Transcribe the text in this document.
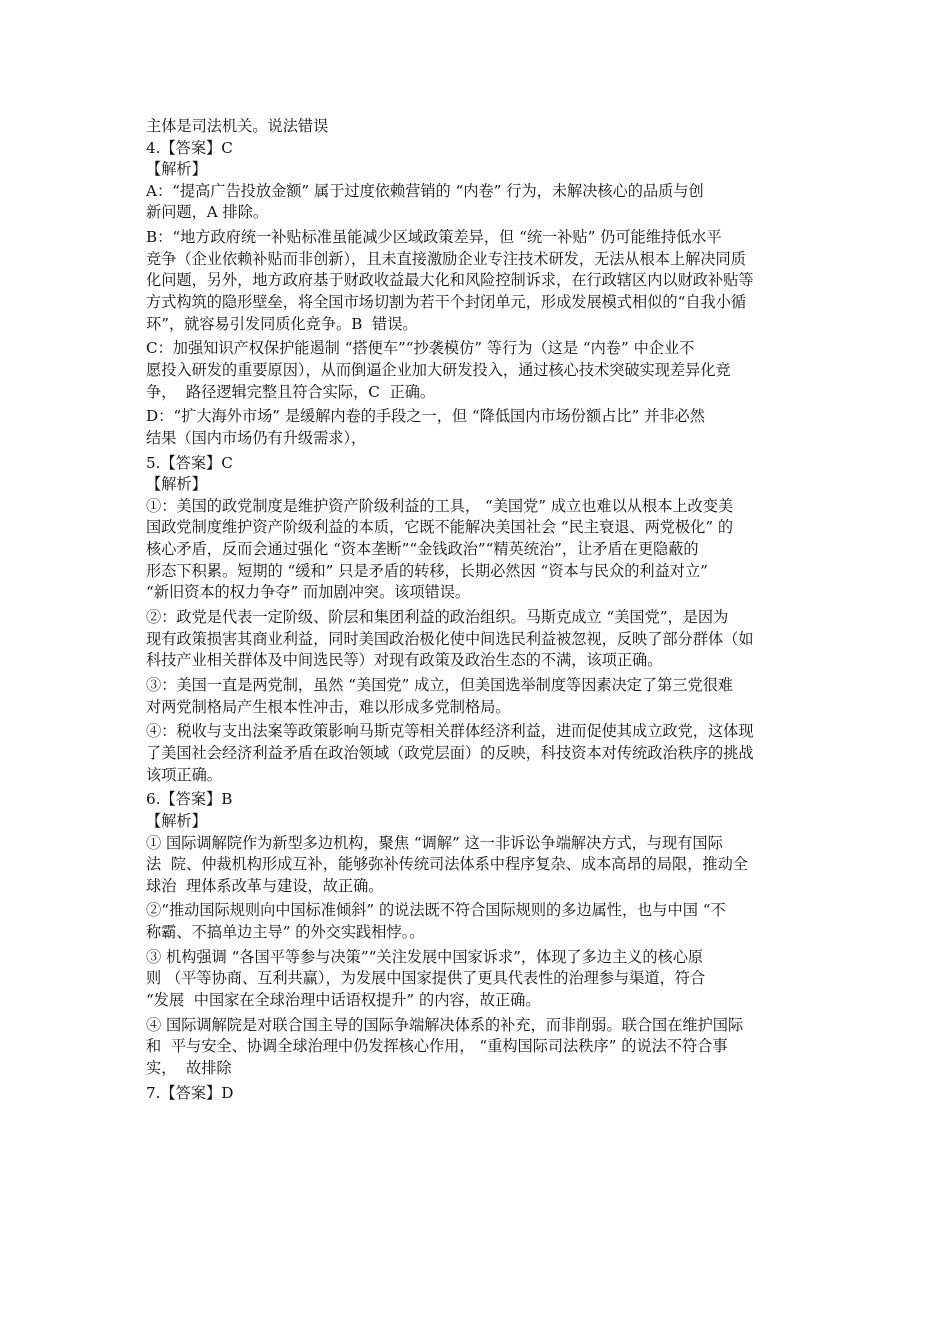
主体是司法机关。说法错误
4.【答案】C
【解析】
A：“提高广告投放金额” 属于过度依赖营销的 “内卷” 行为，未解决核心的品质与创
新问题，A 排除。
B：“地方政府统一补贴标准虽能减少区域政策差异，但 “统一补贴” 仍可能维持低水平
竞争（企业依赖补贴而非创新），且未直接激励企业专注技术研发，无法从根本上解决同质
化问题，另外，地方政府基于财政收益最大化和风险控制诉求，在行政辖区内以财政补贴等
方式构筑的隐形壁垒，将全国市场切割为若干个封闭单元，形成发展模式相似的“自我小循
环”，就容易引发同质化竞争。B  错误。
C：加强知识产权保护能遏制 “搭便车”“抄袭模仿” 等行为（这是 “内卷” 中企业不
愿投入研发的重要原因），从而倒逼企业加大研发投入，通过核心技术突破实现差异化竞
争，  路径逻辑完整且符合实际，C  正确。
D：“扩大海外市场” 是缓解内卷的手段之一，但 “降低国内市场份额占比” 并非必然
结果（国内市场仍有升级需求），
5.【答案】C
【解析】
①：美国的政党制度是维护资产阶级利益的工具， “美国党” 成立也难以从根本上改变美
国政党制度维护资产阶级利益的本质，它既不能解决美国社会 “民主衰退、两党极化” 的
核心矛盾，反而会通过强化 “资本垄断”“金钱政治”“精英统治”，让矛盾在更隐蔽的
形态下积累。短期的 “缓和” 只是矛盾的转移，长期必然因 “资本与民众的利益对立”
“新旧资本的权力争夺” 而加剧冲突。该项错误。
②：政党是代表一定阶级、阶层和集团利益的政治组织。马斯克成立 “美国党”，是因为
现有政策损害其商业利益，同时美国政治极化使中间选民利益被忽视，反映了部分群体（如
科技产业相关群体及中间选民等）对现有政策及政治生态的不满，该项正确。
③：美国一直是两党制，虽然 “美国党” 成立，但美国选举制度等因素决定了第三党很难
对两党制格局产生根本性冲击，难以形成多党制格局。
④：税收与支出法案等政策影响马斯克等相关群体经济利益，进而促使其成立政党，这体现
了美国社会经济利益矛盾在政治领域（政党层面）的反映，科技资本对传统政治秩序的挑战
该项正确。
6.【答案】B
【解析】
① 国际调解院作为新型多边机构，聚焦 “调解” 这一非诉讼争端解决方式，与现有国际
法  院、仲裁机构形成互补，能够弥补传统司法体系中程序复杂、成本高昂的局限，推动全
球治  理体系改革与建设，故正确。
②“推动国际规则向中国标准倾斜” 的说法既不符合国际规则的多边属性，也与中国 “不
称霸、不搞单边主导” 的外交实践相悖。。
③ 机构强调 “各国平等参与决策”“关注发展中国家诉求”，体现了多边主义的核心原
则 （平等协商、互利共赢），为发展中国家提供了更具代表性的治理参与渠道，符合
“发展  中国家在全球治理中话语权提升” 的内容，故正确。
④ 国际调解院是对联合国主导的国际争端解决体系的补充，而非削弱。联合国在维护国际
和  平与安全、协调全球治理中仍发挥核心作用， “重构国际司法秩序” 的说法不符合事
实，  故排除
7.【答案】D
